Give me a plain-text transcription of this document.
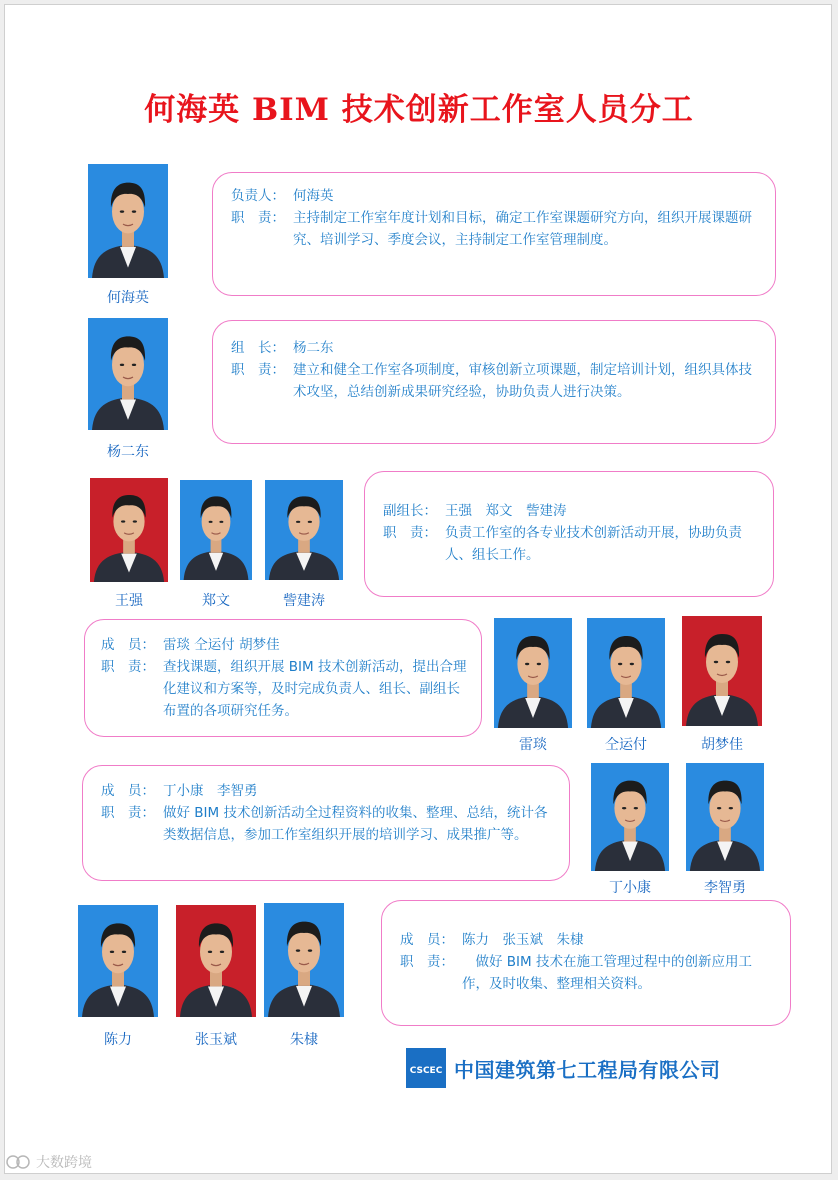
何海英 BIM 技术创新工作室人员分工
何海英
杨二东
王强	郑文	訾建涛
雷琰	仝运付	胡梦佳
丁小康	李智勇
陈力	张玉斌	朱棣
负责人： 何海英
职　责： 主持制定工作室年度计划和目标，确定工作室课题研究方向，组织开展课题研究、培训学习、季度会议，主持制定工作室管理制度。
组　长： 杨二东
职　责： 建立和健全工作室各项制度，审核创新立项课题，制定培训计划，组织具体技术攻坚，总结创新成果研究经验，协助负责人进行决策。
副组长： 王强　郑文　訾建涛
职　责： 负责工作室的各专业技术创新活动开展，协助负责人、组长工作。
成　员： 雷琰 仝运付 胡梦佳
职　责： 查找课题，组织开展 BIM 技术创新活动，提出合理化建议和方案等，及时完成负责人、组长、副组长布置的各项研究任务。
成　员： 丁小康　李智勇
职　责： 做好 BIM 技术创新活动全过程资料的收集、整理、总结，统计各类数据信息，参加工作室组织开展的培训学习、成果推广等。
成　员： 陈力　张玉斌　朱棣
职　责： 　做好 BIM 技术在施工管理过程中的创新应用工作，及时收集、整理相关资料。
CSCEC 中国建筑第七工程局有限公司
大数跨境
